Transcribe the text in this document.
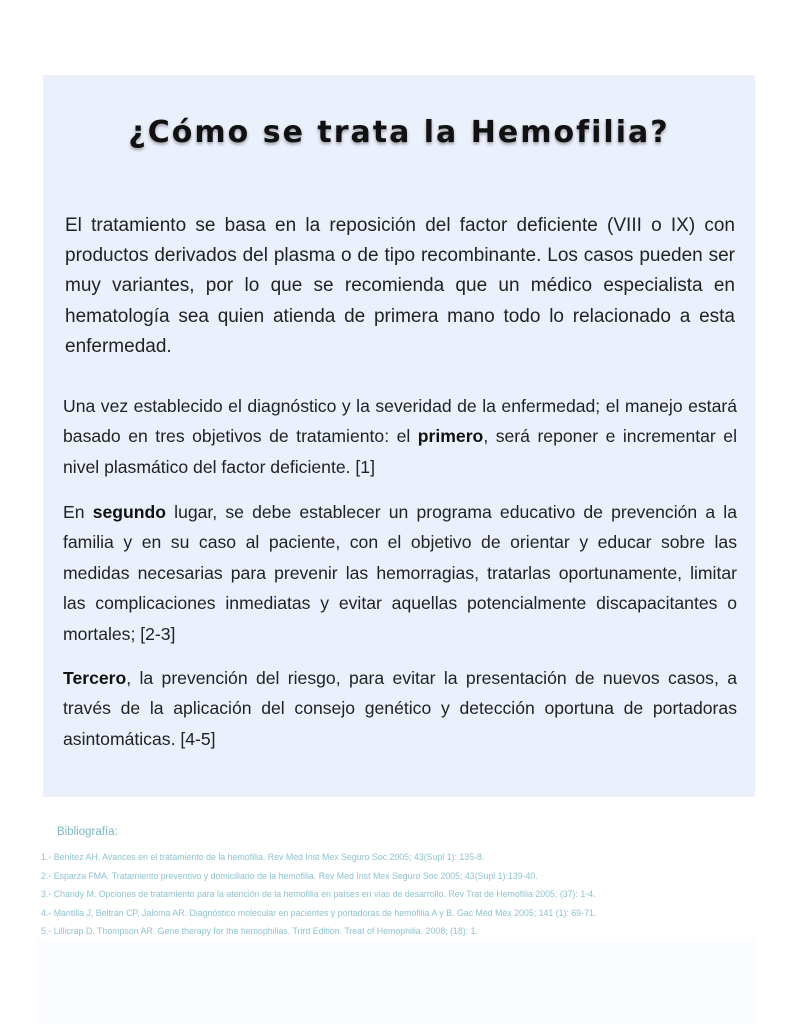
¿Cómo se trata la Hemofilia?

El tratamiento se basa en la reposición del factor deficiente (VIII o IX) con productos derivados del plasma o de tipo recombinante. Los casos pueden ser muy variantes, por lo que se recomienda que un médico especialista en hematología sea quien atienda de primera mano todo lo relacionado a esta enfermedad.

Una vez establecido el diagnóstico y la severidad de la enfermedad; el manejo estará basado en tres objetivos de tratamiento: el primero, será reponer e incrementar el nivel plasmático del factor deficiente. [1]

En segundo lugar, se debe establecer un programa educativo de prevención a la familia y en su caso al paciente, con el objetivo de orientar y educar sobre las medidas necesarias para prevenir las hemorragias, tratarlas oportunamente, limitar las complicaciones inmediatas y evitar aquellas potencialmente discapacitantes o mortales; [2-3]

Tercero, la prevención del riesgo, para evitar la presentación de nuevos casos, a través de la aplicación del consejo genético y detección oportuna de portadoras asintomáticas. [4-5]

Bibliografía:

1.- Benítez AH. Avances en el tratamiento de la hemofilia. Rev Med Inst Mex Seguro Soc 2005; 43(Supl 1): 135-8.
2.- Esparza FMA. Tratamiento preventivo y domiciliario de la hemofilia. Rev Med Inst Mex Seguro Soc 2005; 43(Supl 1):139-40.
3.- Chandy M. Opciones de tratamiento para la atención de la hemofilia en países en vías de desarrollo. Rev Trat de Hemofilia 2005; (37): 1-4.
4.- Mantilla J, Beltrán CP, Jaloma AR. Diagnóstico molecular en pacientes y portadoras de hemofilia A y B. Gac Méd Méx 2005; 141 (1): 69-71.
5.- Lillicrap D. Thompson AR. Gene therapy for the hemophilias. Trird Edition. Treat of Hemophilia. 2008; (18): 1.
